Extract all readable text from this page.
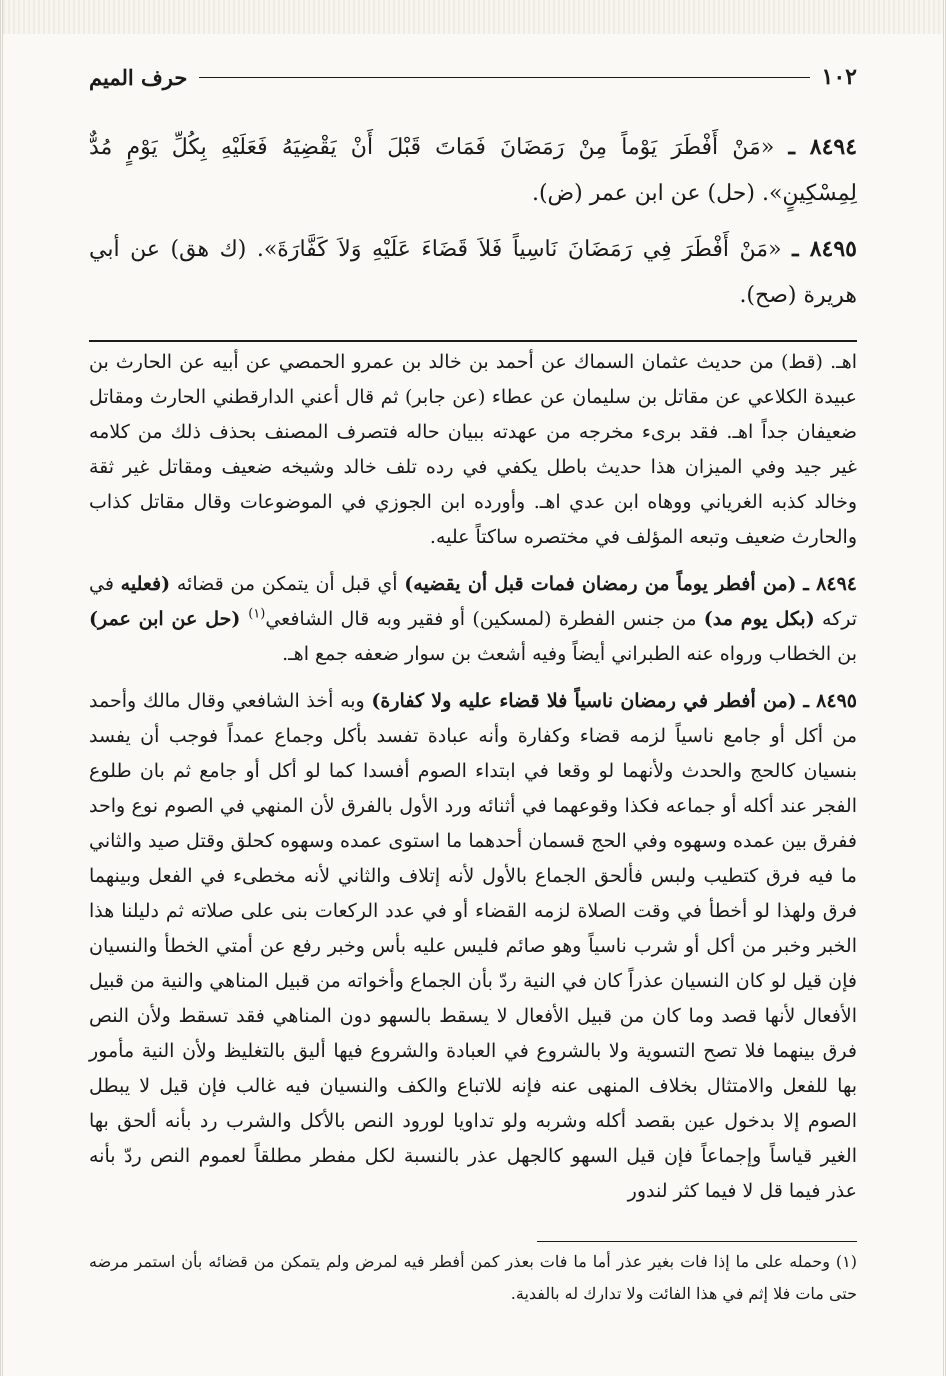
١٠٢
حرف الميم
٨٤٩٤ ـ «مَنْ أَفْطَرَ يَوْماً مِنْ رَمَضَانَ فَمَاتَ قَبْلَ أَنْ يَقْضِيَهُ فَعَلَيْهِ بِكُلِّ يَوْمٍ مُدٌّ لِمِسْكِينٍ». (حل) عن ابن عمر (ض).
٨٤٩٥ ـ «مَنْ أَفْطَرَ فِي رَمَضَانَ نَاسِياً فَلاَ قَضَاءَ عَلَيْهِ وَلاَ كَفَّارَةَ». (ك هق) عن أبي هريرة (صح).

اهـ. (قط) من حديث عثمان السماك عن أحمد بن خالد بن عمرو الحمصي عن أبيه عن الحارث بن عبيدة الكلاعي عن مقاتل بن سليمان عن عطاء (عن جابر) ثم قال أعني الدارقطني الحارث ومقاتل ضعيفان جداً اهـ. فقد برىء مخرجه من عهدته ببيان حاله فتصرف المصنف بحذف ذلك من كلامه غير جيد وفي الميزان هذا حديث باطل يكفي في رده تلف خالد وشيخه ضعيف ومقاتل غير ثقة وخالد كذبه الغرياني ووهاه ابن عدي اهـ. وأورده ابن الجوزي في الموضوعات وقال مقاتل كذاب والحارث ضعيف وتبعه المؤلف في مختصره ساكتاً عليه.

٨٤٩٤ ـ (من أفطر يوماً من رمضان فمات قبل أن يقضيه) أي قبل أن يتمكن من قضائه (فعليه في تركه (بكل يوم مد) من جنس الفطرة (لمسكين) أو فقير وبه قال الشافعي$^{(١)}$ (حل عن ابن عمر) بن الخطاب ورواه عنه الطبراني أيضاً وفيه أشعث بن سوار ضعفه جمع اهـ.

٨٤٩٥ ـ (من أفطر في رمضان ناسياً فلا قضاء عليه ولا كفارة) وبه أخذ الشافعي وقال مالك وأحمد من أكل أو جامع ناسياً لزمه قضاء وكفارة وأنه عبادة تفسد بأكل وجماع عمداً فوجب أن يفسد بنسيان كالحج والحدث ولأنهما لو وقعا في ابتداء الصوم أفسدا كما لو أكل أو جامع ثم بان طلوع الفجر عند أكله أو جماعه فكذا وقوعهما في أثنائه ورد الأول بالفرق لأن المنهي في الصوم نوع واحد ففرق بين عمده وسهوه وفي الحج قسمان أحدهما ما استوى عمده وسهوه كحلق وقتل صيد والثاني ما فيه فرق كتطيب ولبس فألحق الجماع بالأول لأنه إتلاف والثاني لأنه مخطىء في الفعل وبينهما فرق ولهذا لو أخطأ في وقت الصلاة لزمه القضاء أو في عدد الركعات بنى على صلاته ثم دليلنا هذا الخبر وخبر من أكل أو شرب ناسياً وهو صائم فليس عليه بأس وخبر رفع عن أمتي الخطأ والنسيان فإن قيل لو كان النسيان عذراً كان في النية ردّ بأن الجماع وأخواته من قبيل المناهي والنية من قبيل الأفعال لأنها قصد وما كان من قبيل الأفعال لا يسقط بالسهو دون المناهي فقد تسقط ولأن النص فرق بينهما فلا تصح التسوية ولا بالشروع في العبادة والشروع فيها أليق بالتغليظ ولأن النية مأمور بها للفعل والامتثال بخلاف المنهى عنه فإنه للاتباع والكف والنسيان فيه غالب فإن قيل لا يبطل الصوم إلا بدخول عين بقصد أكله وشربه ولو تداويا لورود النص بالأكل والشرب رد بأنه ألحق بها الغير قياساً وإجماعاً فإن قيل السهو كالجهل عذر بالنسبة لكل مفطر مطلقاً لعموم النص ردّ بأنه عذر فيما قل لا فيما كثر لندور

(١) وحمله على ما إذا فات بغير عذر أما ما فات بعذر كمن أفطر فيه لمرض ولم يتمكن من قضائه بأن استمر مرضه حتى مات فلا إثم في هذا الفائت ولا تدارك له بالفدية.
